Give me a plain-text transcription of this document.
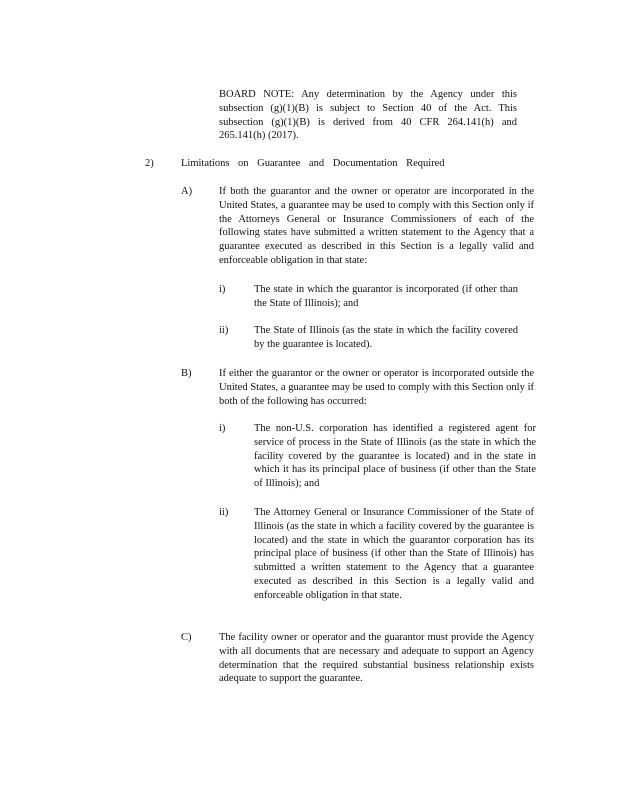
BOARD NOTE: Any determination by the Agency under this subsection (g)(1)(B) is subject to Section 40 of the Act. This subsection (g)(1)(B) is derived from 40 CFR 264.141(h) and 265.141(h) (2017).

2)	Limitations on Guarantee and Documentation Required
A)	If both the guarantor and the owner or operator are incorporated in the United States, a guarantee may be used to comply with this Section only if the Attorneys General or Insurance Commissioners of each of the following states have submitted a written statement to the Agency that a guarantee executed as described in this Section is a legally valid and enforceable obligation in that state:

i)	The state in which the guarantor is incorporated (if other than the State of Illinois); and

ii) The State of Illinois (as the state in which the facility covered by the guarantee is located).

B)	If either the guarantor or the owner or operator is incorporated outside the United States, a guarantee may be used to comply with this Section only if both of the following has occurred:

i)	The non-U.S. corporation has identified a registered agent for service of process in the State of Illinois (as the state in which the facility covered by the guarantee is located) and in the state in which it has its principal place of business (if other than the State of Illinois); and

ii) The Attorney General or Insurance Commissioner of the State of Illinois (as the state in which a facility covered by the guarantee is located) and the state in which the guarantor corporation has its principal place of business (if other than the State of Illinois) has submitted a written statement to the Agency that a guarantee executed as described in this Section is a legally valid and enforceable obligation in that state.

C)	The facility owner or operator and the guarantor must provide the Agency with all documents that are necessary and adequate to support an Agency determination that the required substantial business relationship exists adequate to support the guarantee.
